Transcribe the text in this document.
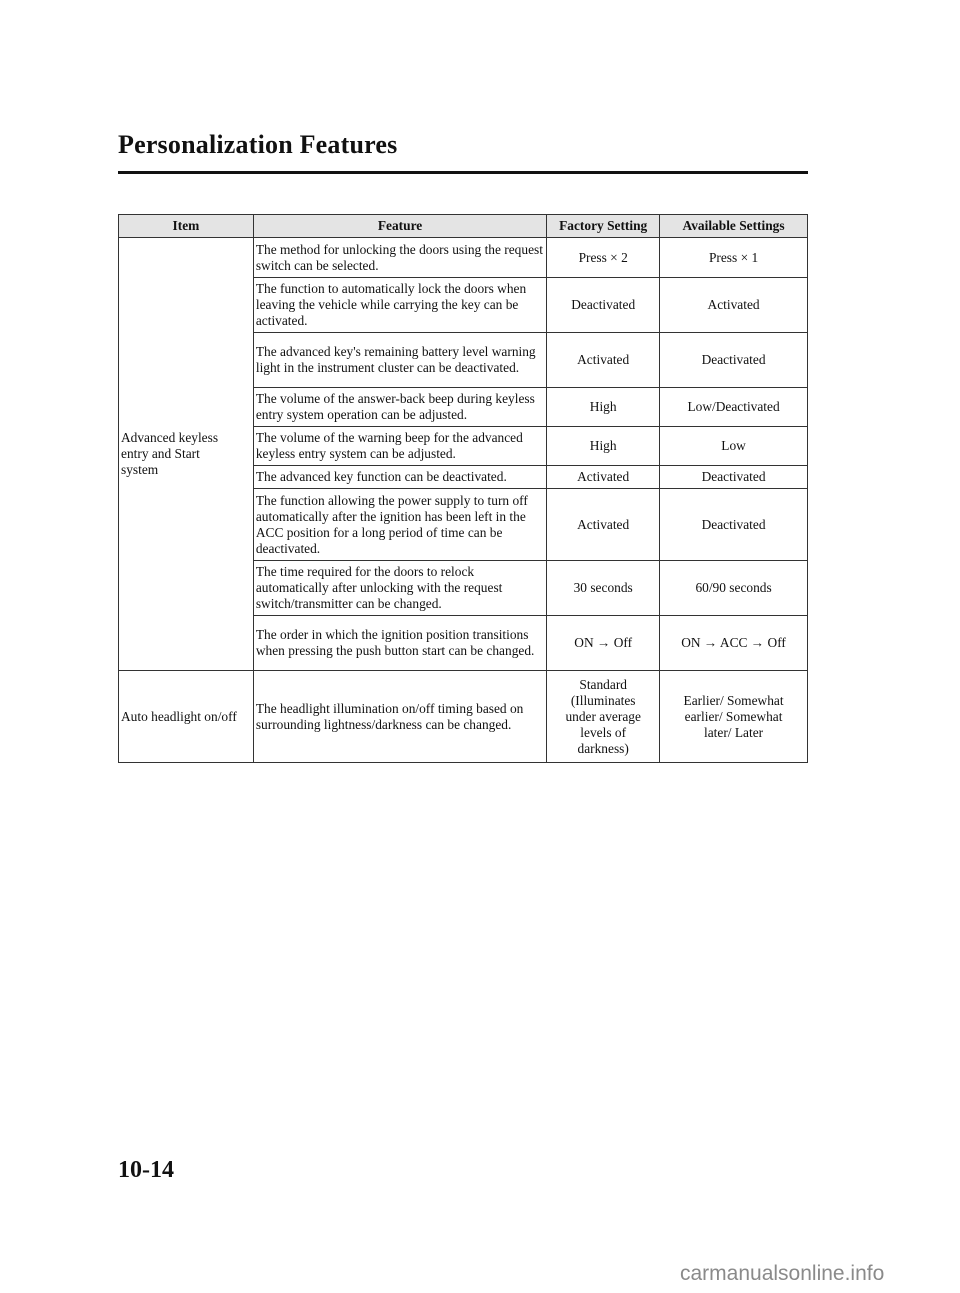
Personalization Features
Item	Feature	Factory Setting	Available Settings
Advanced keyless entry and Start system	The method for unlocking the doors using the request switch can be selected.	Press × 2	Press × 1
	The function to automatically lock the doors when leaving the vehicle while carrying the key can be activated.	Deactivated	Activated
	The advanced key's remaining battery level warning light in the instrument cluster can be deactivated.	Activated	Deactivated
	The volume of the answer-back beep during keyless entry system operation can be adjusted.	High	Low/Deactivated
	The volume of the warning beep for the advanced keyless entry system can be adjusted.	High	Low
	The advanced key function can be deactivated.	Activated	Deactivated
	The function allowing the power supply to turn off automatically after the ignition has been left in the ACC position for a long period of time can be deactivated.	Activated	Deactivated
	The time required for the doors to relock automatically after unlocking with the request switch/transmitter can be changed.	30 seconds	60/90 seconds
	The order in which the ignition position transitions when pressing the push button start can be changed.	ON → Off	ON → ACC → Off
Auto headlight on/off	The headlight illumination on/off timing based on surrounding lightness/darkness can be changed.	Standard (Illuminates under average levels of darkness)	Earlier/ Somewhat earlier/ Somewhat later/ Later
10-14
carmanualsonline.info
